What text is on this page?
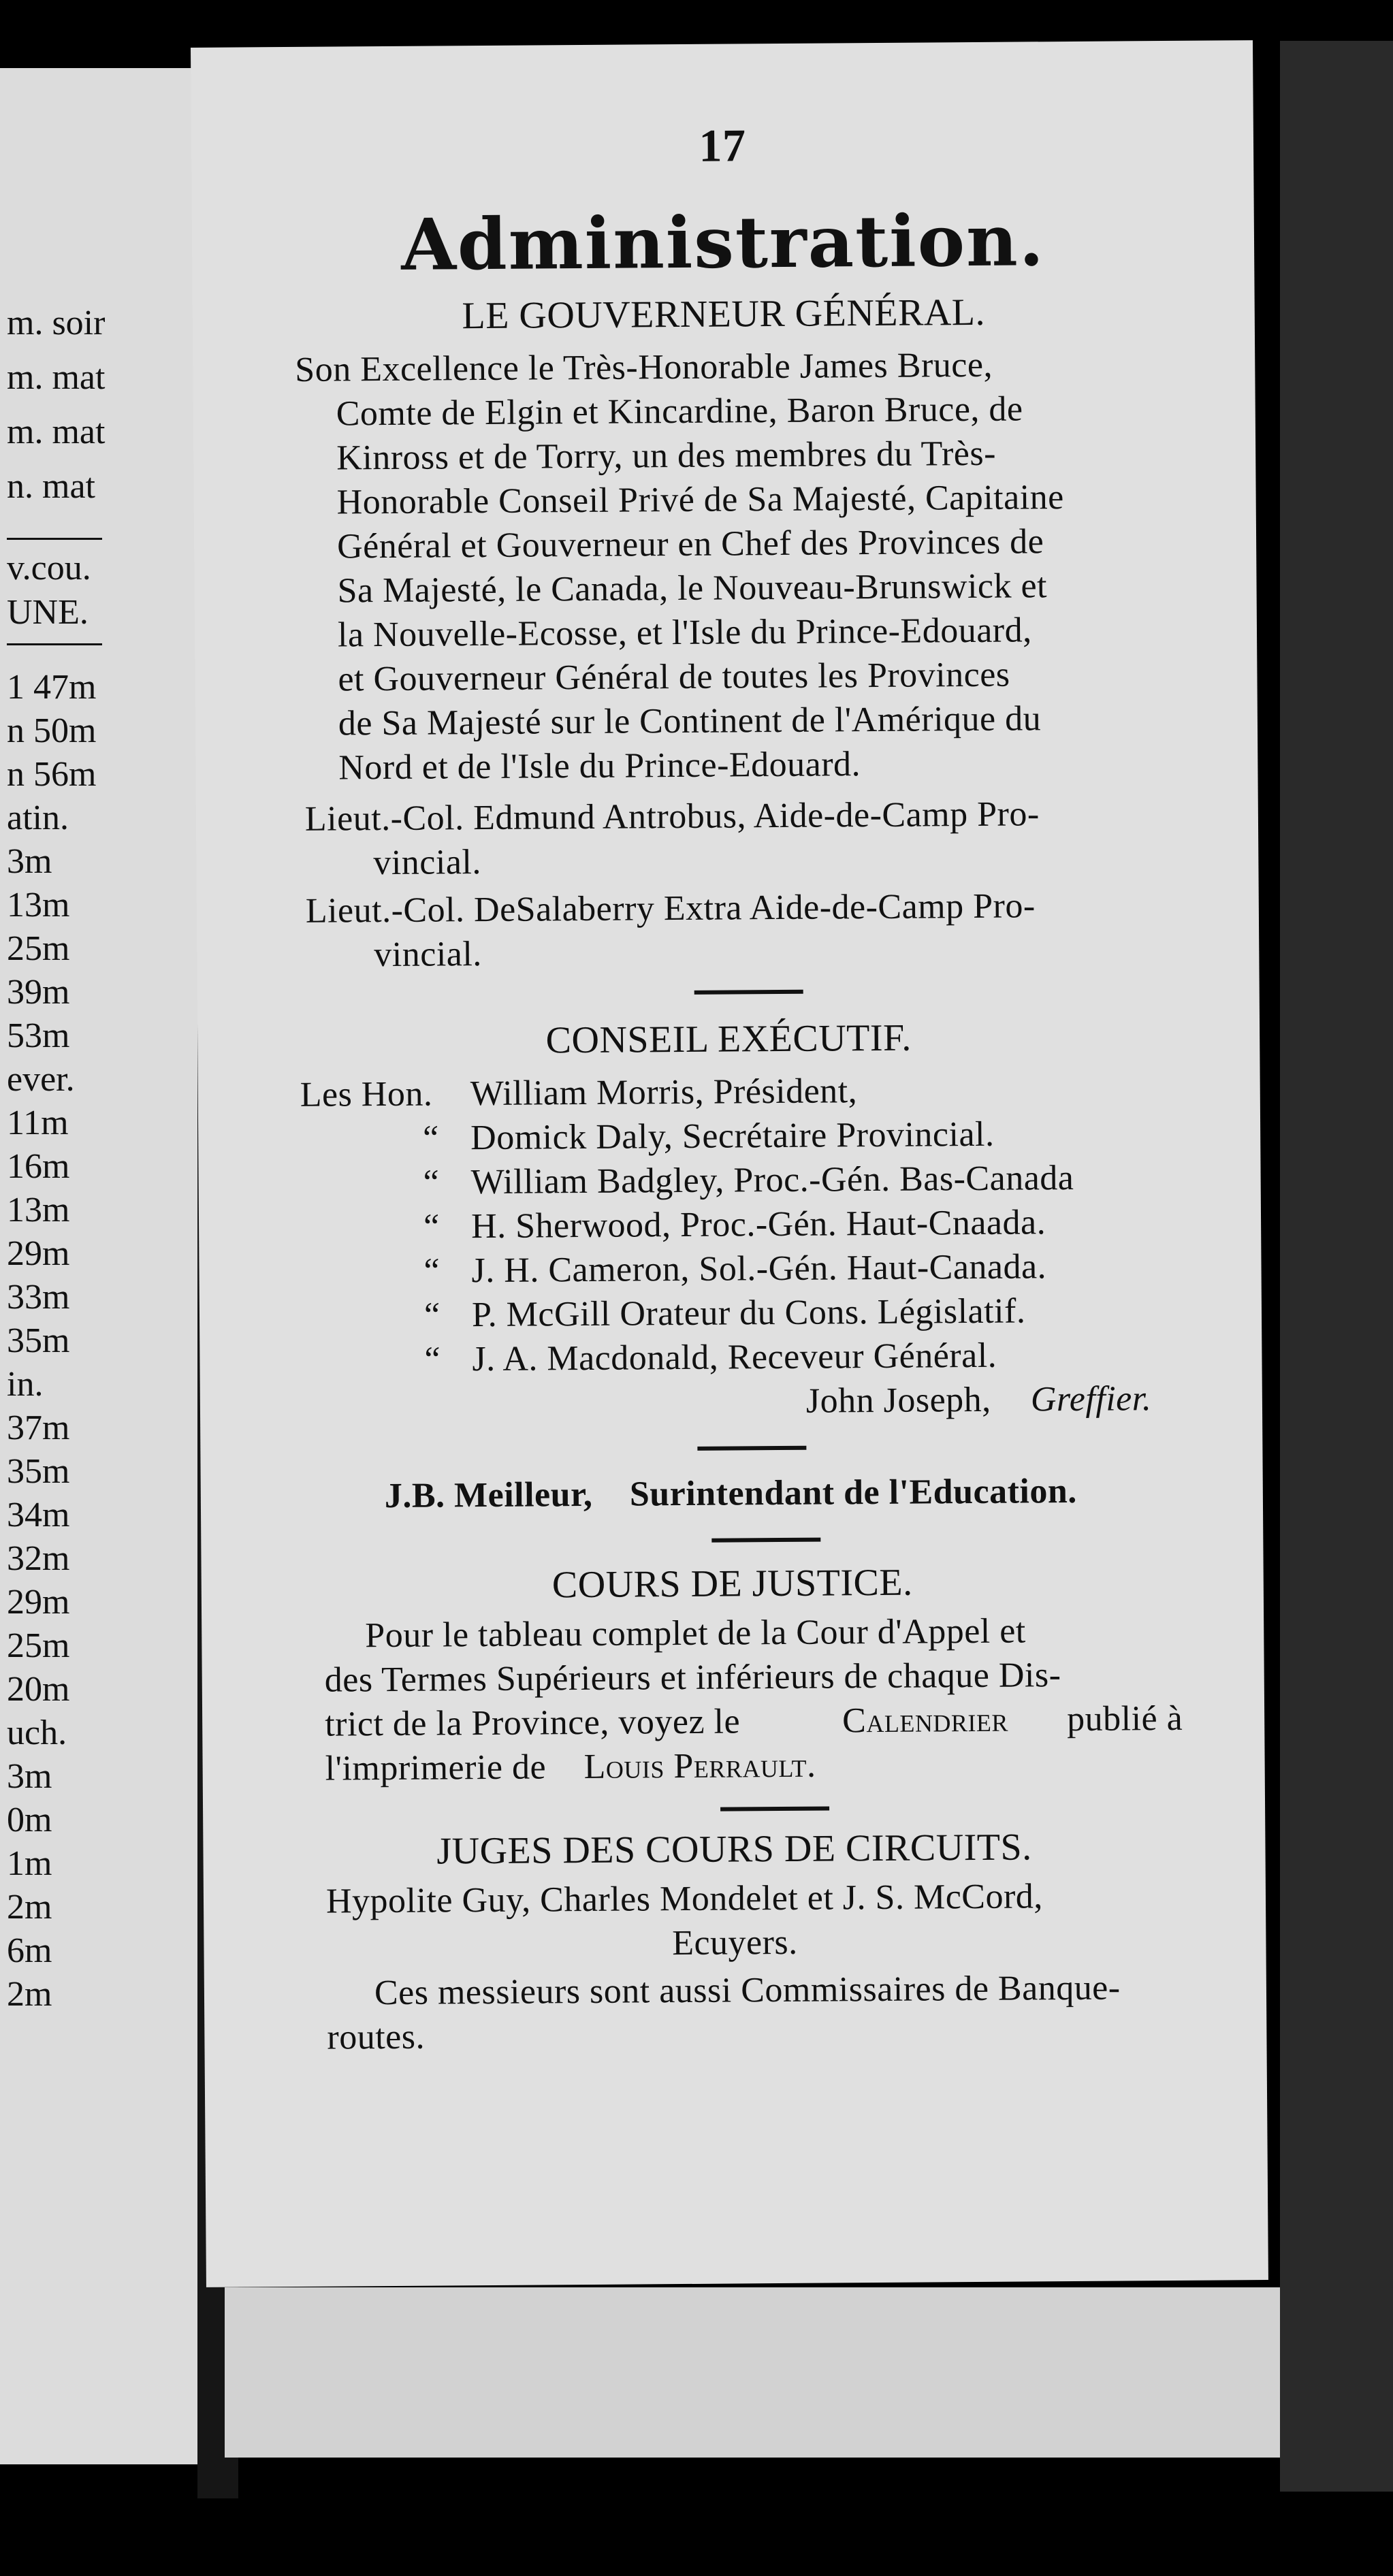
m. soir
m. mat
m. mat
n. mat
v.cou.
UNE.
1 47m
n 50m
n 56m
atin.
3m
13m
25m
39m
53m
ever.
11m
16m
13m
29m
33m
35m
in.
37m
35m
34m
32m
29m
25m
20m
uch.
3m
0m
1m
2m
6m
2m
17
Administration.
LE GOUVERNEUR GÉNÉRAL.
Son Excellence le Très-Honorable James Bruce,
Comte de Elgin et Kincardine, Baron Bruce, de
Kinross et de Torry, un des membres du Très-
Honorable Conseil Privé de Sa Majesté, Capitaine
Général et Gouverneur en Chef des Provinces de
Sa Majesté, le Canada, le Nouveau-Brunswick et
la Nouvelle-Ecosse, et l'Isle du Prince-Edouard,
et Gouverneur Général de toutes les Provinces
de Sa Majesté sur le Continent de l'Amérique du
Nord et de l'Isle du Prince-Edouard.
Lieut.-Col. Edmund Antrobus, Aide-de-Camp Pro-
vincial.
Lieut.-Col. DeSalaberry Extra Aide-de-Camp Pro-
vincial.
CONSEIL EXÉCUTIF.
Les Hon. William Morris, Président,
“ Domick Daly, Secrétaire Provincial.
“ William Badgley, Proc.-Gén. Bas-Canada
“ H. Sherwood, Proc.-Gén. Haut-Cnaada.
“ J. H. Cameron, Sol.-Gén. Haut-Canada.
“ P. McGill Orateur du Cons. Législatif.
“ J. A. Macdonald, Receveur Général.
John Joseph, Greffier.
J.B. Meilleur, Surintendant de l'Education.
COURS DE JUSTICE.
Pour le tableau complet de la Cour d'Appel et
des Termes Supérieurs et inférieurs de chaque Dis-
trict de la Province, voyez le	Calendrier publié à
l'imprimerie de Louis Perrault.
JUGES DES COURS DE CIRCUITS.
Hypolite Guy, Charles Mondelet et J. S. McCord,
Ecuyers.
Ces messieurs sont aussi Commissaires de Banque-
routes.
